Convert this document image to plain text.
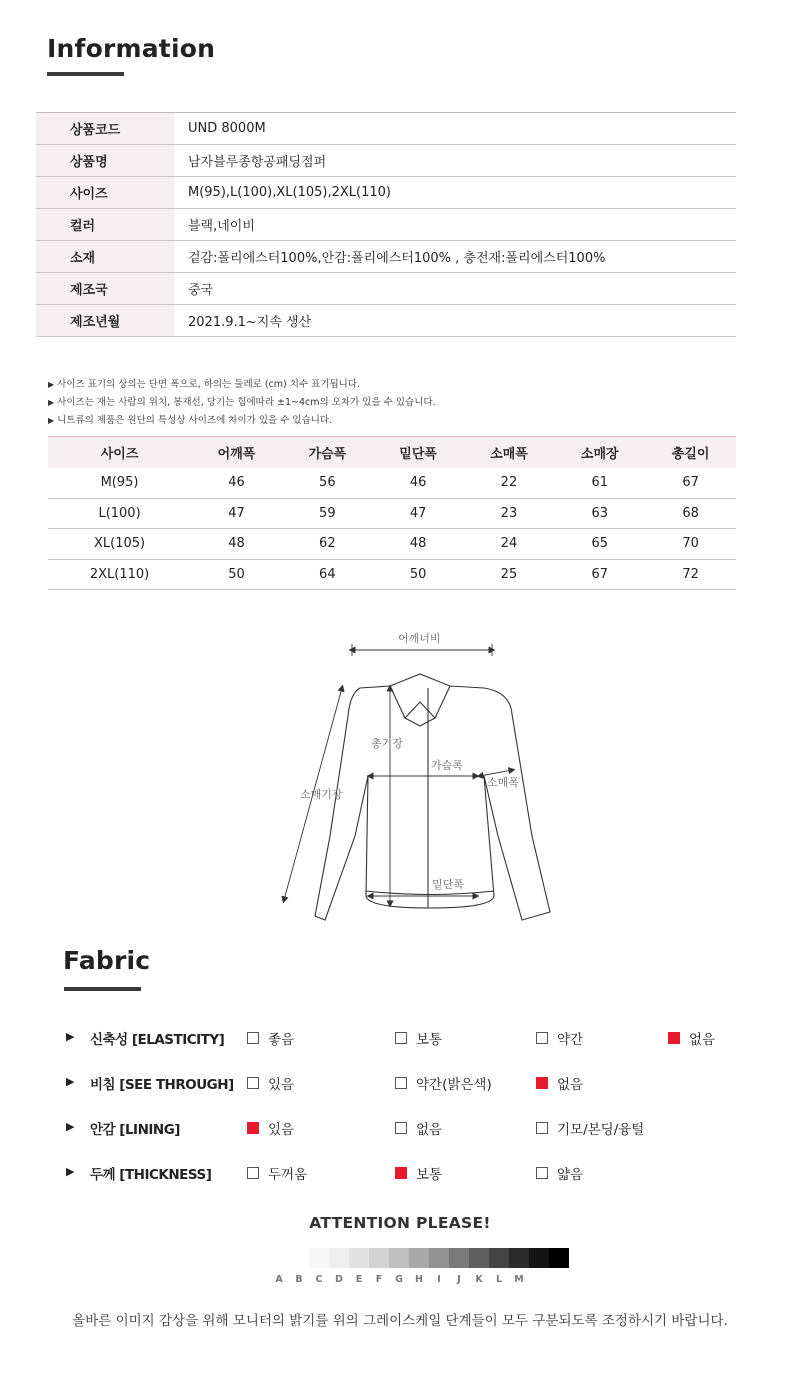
Information
상품코드	UND 8000M
상품명	남자블루종항공패딩점퍼
사이즈	M(95),L(100),XL(105),2XL(110)
컬러	블랙,네이비
소재	겉감:폴리에스터100%,안감:폴리에스터100% , 충전재:폴리에스터100%
제조국	중국
제조년월	2021.9.1~지속 생산
▶ 사이즈 표기의 상의는 단면 폭으로, 하의는 둘레로 (cm) 치수 표기됩니다.
▶ 사이즈는 재는 사람의 위치, 봉재선, 당기는 힘에따라 ±1~4cm의 오차가 있을 수 있습니다.
▶ 니트류의 제품은 원단의 특성상 사이즈에 차이가 있을 수 있습니다.
사이즈	어깨폭	가슴폭	밑단폭	소매폭	소매장	총길이
M(95)	46	56	46	22	61	67
L(100)	47	59	47	23	63	68
XL(105)	48	62	48	24	65	70
2XL(110)	50	64	50	25	67	72
어깨너비
총기장
가슴폭
소매폭
소매기장
밑단폭
Fabric
▶ 신축성 [ELASTICITY]	좋음	보통	약간	없음
▶ 비침 [SEE THROUGH]	있음	약간(밝은색)	없음
▶ 안감 [LINING]	있음	없음	기모/본딩/융털
▶ 두께 [THICKNESS]	두꺼움	보통	얇음
ATTENTION PLEASE!
A	B	C	D	E	F	G	H	I	J	K	L	M
올바른 이미지 감상을 위해 모니터의 밝기를 위의 그레이스케일 단계들이 모두 구분되도록 조정하시기 바랍니다.
